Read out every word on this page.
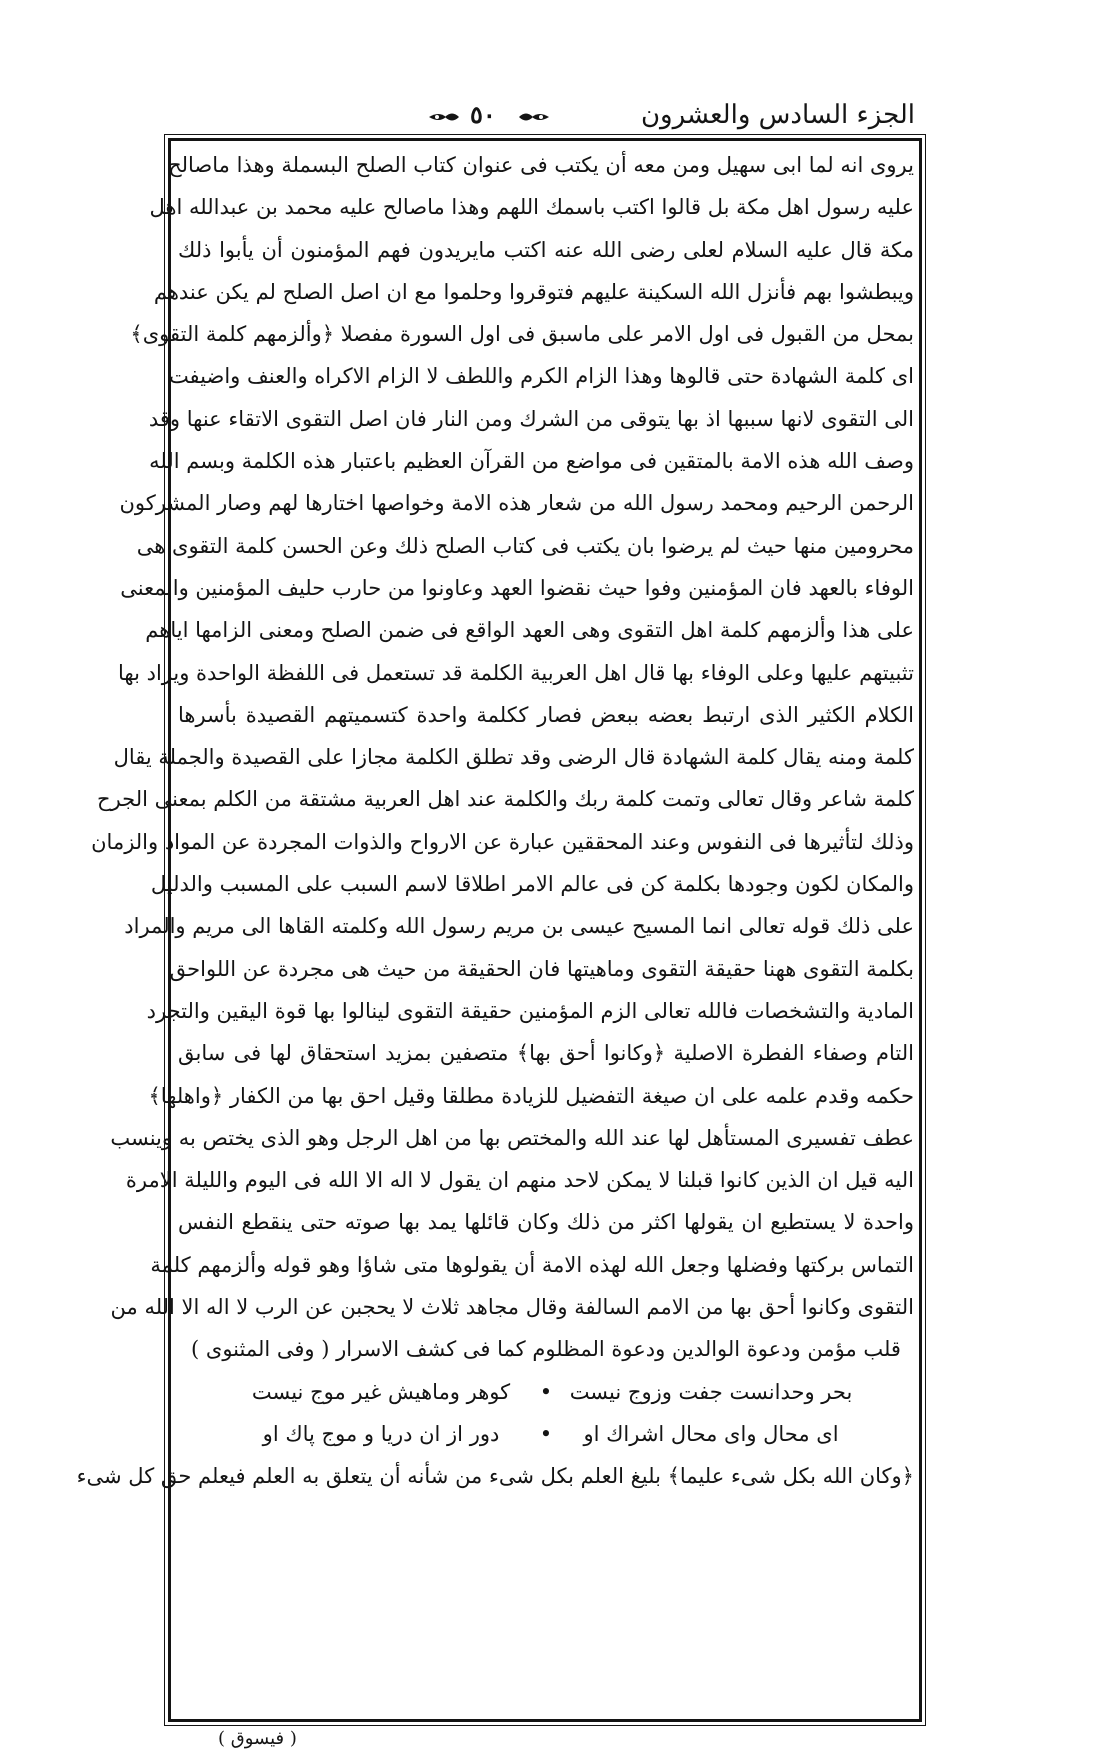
الجزء السادس والعشرون
٥٠
يروى انه لما ابى سهيل ومن معه أن يكتب فى عنوان كتاب الصلح البسملة وهذا ماصالح
عليه رسول اهل مكة بل قالوا اكتب باسمك اللهم وهذا ماصالح عليه محمد بن عبدالله اهل
مكة قال عليه السلام لعلى رضى الله عنه اكتب مايريدون فهم المؤمنون أن يأبوا ذلك
ويبطشوا بهم فأنزل الله السكينة عليهم فتوقروا وحلموا مع ان اصل الصلح لم يكن عندهم
بمحل من القبول فى اول الامر على ماسبق فى اول السورة مفصلا ﴿وألزمهم كلمة التقوى﴾
اى كلمة الشهادة حتى قالوها وهذا الزام الكرم واللطف لا الزام الاكراه والعنف واضيفت
الى التقوى لانها سببها اذ بها يتوقى من الشرك ومن النار فان اصل التقوى الاتقاء عنها وقد
وصف الله هذه الامة بالمتقين فى مواضع من القرآن العظيم باعتبار هذه الكلمة وبسم الله
الرحمن الرحيم ومحمد رسول الله من شعار هذه الامة وخواصها اختارها لهم وصار المشركون
محرومين منها حيث لم يرضوا بان يكتب فى كتاب الصلح ذلك وعن الحسن كلمة التقوى هى
الوفاء بالعهد فان المؤمنين وفوا حيث نقضوا العهد وعاونوا من حارب حليف المؤمنين والمعنى
على هذا وألزمهم كلمة اهل التقوى وهى العهد الواقع فى ضمن الصلح ومعنى الزامها اياهم
تثبيتهم عليها وعلى الوفاء بها قال اهل العربية الكلمة قد تستعمل فى اللفظة الواحدة ويراد بها
الكلام الكثير الذى ارتبط بعضه ببعض فصار ككلمة واحدة كتسميتهم القصيدة بأسرها
كلمة ومنه يقال كلمة الشهادة قال الرضى وقد تطلق الكلمة مجازا على القصيدة والجملة يقال
كلمة شاعر وقال تعالى وتمت كلمة ربك والكلمة عند اهل العربية مشتقة من الكلم بمعنى الجرح
وذلك لتأثيرها فى النفوس وعند المحققين عبارة عن الارواح والذوات المجردة عن المواد والزمان
والمكان لكون وجودها بكلمة كن فى عالم الامر اطلاقا لاسم السبب على المسبب والدليل
على ذلك قوله تعالى انما المسيح عيسى بن مريم رسول الله وكلمته القاها الى مريم والمراد
بكلمة التقوى ههنا حقيقة التقوى وماهيتها فان الحقيقة من حيث هى مجردة عن اللواحق
المادية والتشخصات فالله تعالى الزم المؤمنين حقيقة التقوى لينالوا بها قوة اليقين والتجرد
التام وصفاء الفطرة الاصلية ﴿وكانوا أحق بها﴾ متصفين بمزيد استحقاق لها فى سابق
حكمه وقدم علمه على ان صيغة التفضيل للزيادة مطلقا وقيل احق بها من الكفار ﴿واهلها﴾
عطف تفسيرى المستأهل لها عند الله والمختص بها من اهل الرجل وهو الذى يختص به وينسب
اليه قيل ان الذين كانوا قبلنا لا يمكن لاحد منهم ان يقول لا اله الا الله فى اليوم والليلة الامرة
واحدة لا يستطيع ان يقولها اكثر من ذلك وكان قائلها يمد بها صوته حتى ينقطع النفس
التماس بركتها وفضلها وجعل الله لهذه الامة أن يقولوها متى شاؤا وهو قوله وألزمهم كلمة
التقوى وكانوا أحق بها من الامم السالفة وقال مجاهد ثلاث لا يحجبن عن الرب لا اله الا الله من
قلب مؤمن ودعوة الوالدين ودعوة المظلوم كما فى كشف الاسرار ( وفى المثنوى )
بحر وحدانست جفت وزوج نيست
•
كوهر وماهيش غير موج نيست
اى محال واى محال اشراك او
•
دور از ان دريا و موج پاك او
﴿وكان الله بكل شىء عليما﴾ بليغ العلم بكل شىء من شأنه أن يتعلق به العلم فيعلم حق كل شىء
( فيسوق )
